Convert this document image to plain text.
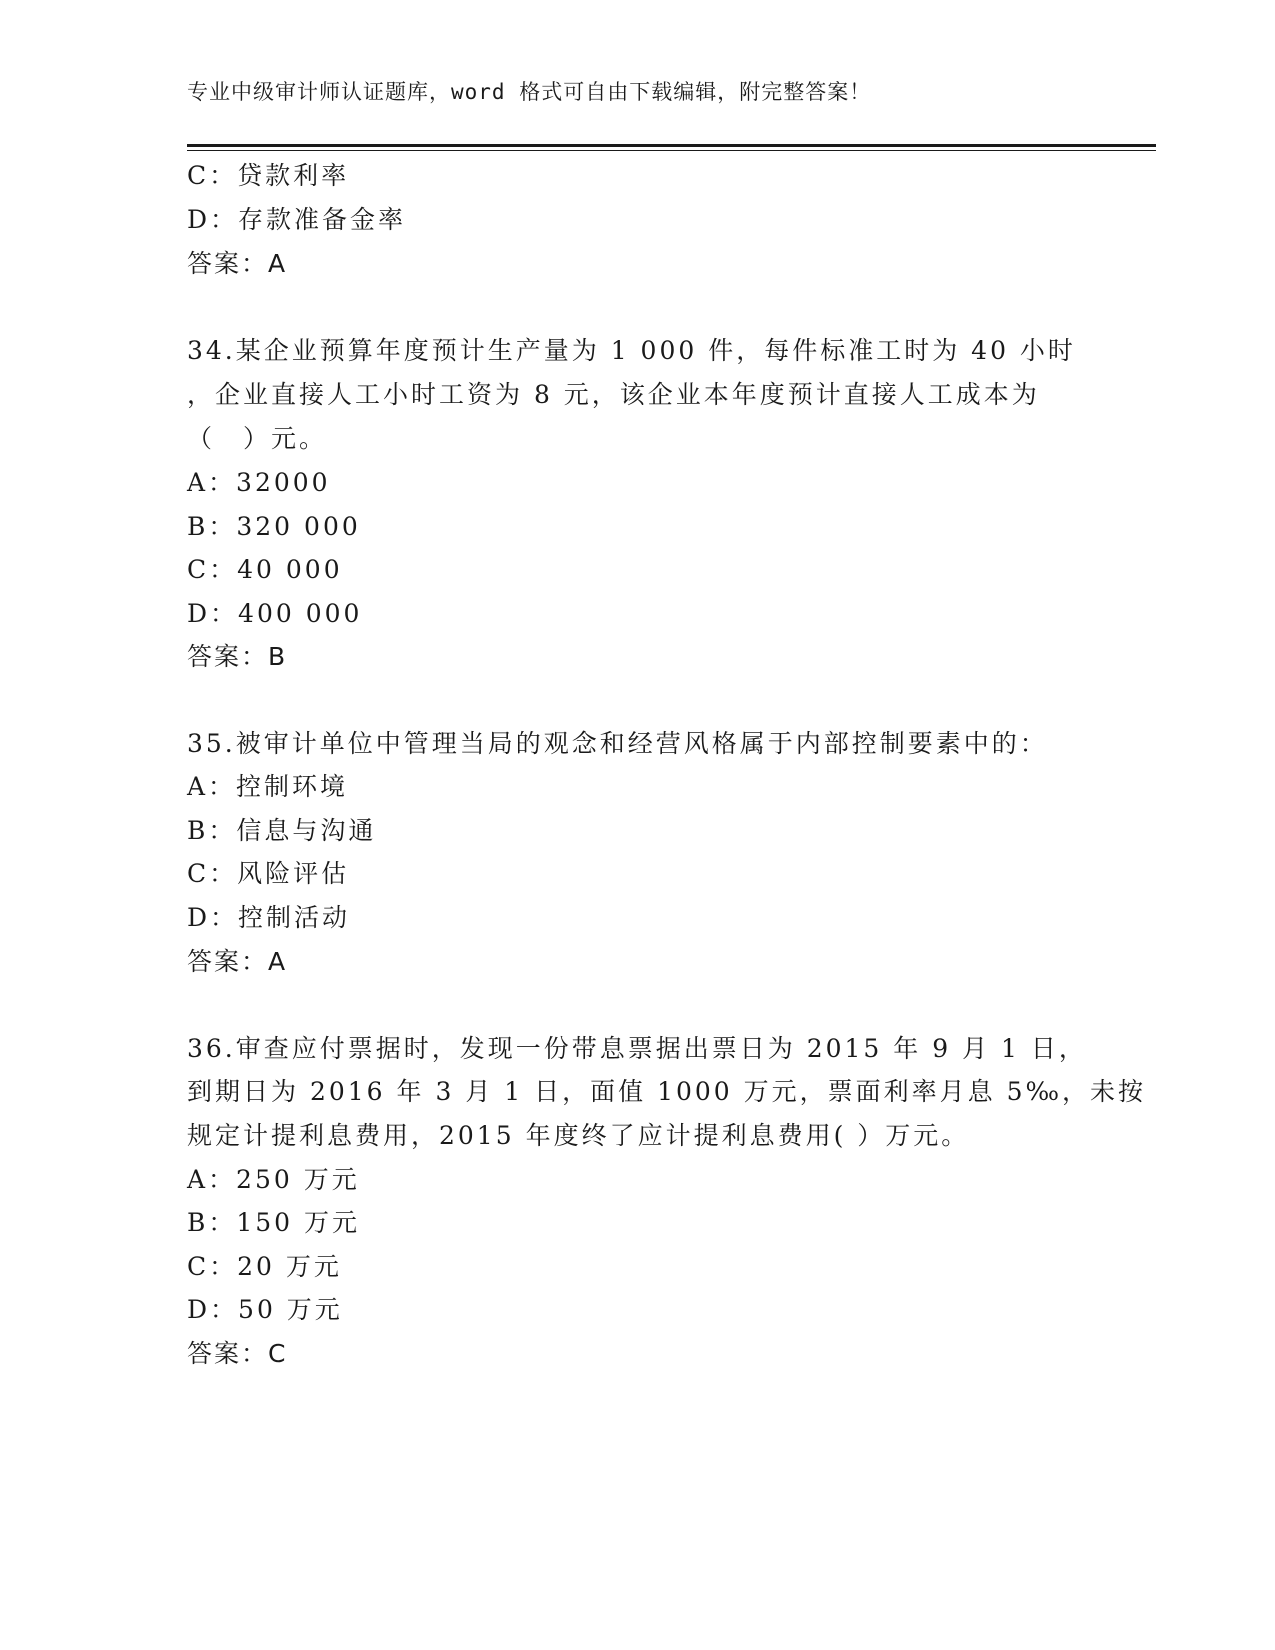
专业中级审计师认证题库，word 格式可自由下载编辑，附完整答案！
C：贷款利率
D：存款准备金率
答案：A
34.某企业预算年度预计生产量为 1 000 件，每件标准工时为 40 小时
，企业直接人工小时工资为 8 元，该企业本年度预计直接人工成本为
（　）元。
A：32000
B：320 000
C：40 000
D：400 000
答案：B
35.被审计单位中管理当局的观念和经营风格属于内部控制要素中的：
A：控制环境
B：信息与沟通
C：风险评估
D：控制活动
答案：A
36.审查应付票据时，发现一份带息票据出票日为 2015 年 9 月 1 日，
到期日为 2016 年 3 月 1 日，面值 1000 万元，票面利率月息 5‰，未按
规定计提利息费用，2015 年度终了应计提利息费用( ）万元。
A：250 万元
B：150 万元
C：20 万元
D：50 万元
答案：C
